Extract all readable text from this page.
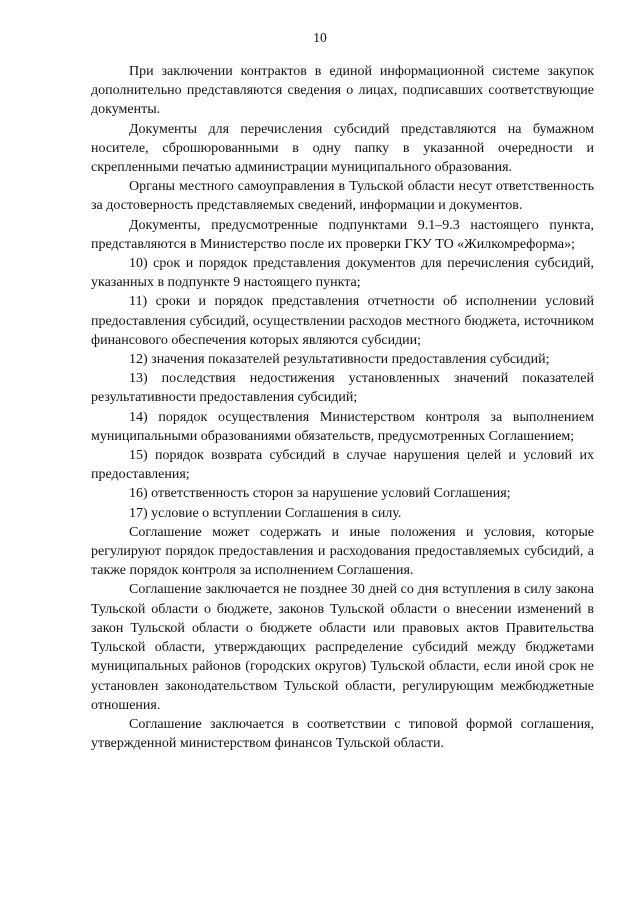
10

При заключении контрактов в единой информационной системе закупок дополнительно представляются сведения о лицах, подписавших соответствующие документы.

Документы для перечисления субсидий представляются на бумажном носителе, сброшюрованными в одну папку в указанной очередности и скрепленными печатью администрации муниципального образования.

Органы местного самоуправления в Тульской области несут ответственность за достоверность представляемых сведений, информации и документов.

Документы, предусмотренные подпунктами 9.1–9.3 настоящего пункта, представляются в Министерство после их проверки ГКУ ТО «Жилкомреформа»;

10) срок и порядок представления документов для перечисления субсидий, указанных в подпункте 9 настоящего пункта;

11) сроки и порядок представления отчетности об исполнении условий предоставления субсидий, осуществлении расходов местного бюджета, источником финансового обеспечения которых являются субсидии;

12) значения показателей результативности предоставления субсидий;

13) последствия недостижения установленных значений показателей результативности предоставления субсидий;

14) порядок осуществления Министерством контроля за выполнением муниципальными образованиями обязательств, предусмотренных Соглашением;

15) порядок возврата субсидий в случае нарушения целей и условий их предоставления;

16) ответственность сторон за нарушение условий Соглашения;

17) условие о вступлении Соглашения в силу.

Соглашение может содержать и иные положения и условия, которые регулируют порядок предоставления и расходования предоставляемых субсидий, а также порядок контроля за исполнением Соглашения.

Соглашение заключается не позднее 30 дней со дня вступления в силу закона Тульской области о бюджете, законов Тульской области о внесении изменений в закон Тульской области о бюджете области или правовых актов Правительства Тульской области, утверждающих распределение субсидий между бюджетами муниципальных районов (городских округов) Тульской области, если иной срок не установлен законодательством Тульской области, регулирующим межбюджетные отношения.

Соглашение заключается в соответствии с типовой формой соглашения, утвержденной министерством финансов Тульской области.
